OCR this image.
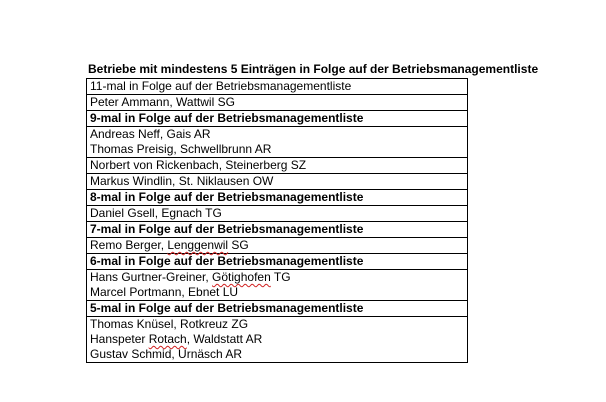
Betriebe mit mindestens 5 Einträgen in Folge auf der Betriebsmanagementliste
11-mal in Folge auf der Betriebsmanagementliste
Peter Ammann, Wattwil SG
9-mal in Folge auf der Betriebsmanagementliste
Andreas Neff, Gais AR
Thomas Preisig, Schwellbrunn AR
Norbert von Rickenbach, Steinerberg SZ
Markus Windlin, St. Niklausen OW
8-mal in Folge auf der Betriebsmanagementliste
Daniel Gsell, Egnach TG
7-mal in Folge auf der Betriebsmanagementliste
Remo Berger, Lenggenwil SG
6-mal in Folge auf der Betriebsmanagementliste
Hans Gurtner-Greiner, Götighofen TG
Marcel Portmann, Ebnet LU
5-mal in Folge auf der Betriebsmanagementliste
Thomas Knüsel, Rotkreuz ZG
Hanspeter Rotach, Waldstatt AR
Gustav Schmid, Urnäsch AR
